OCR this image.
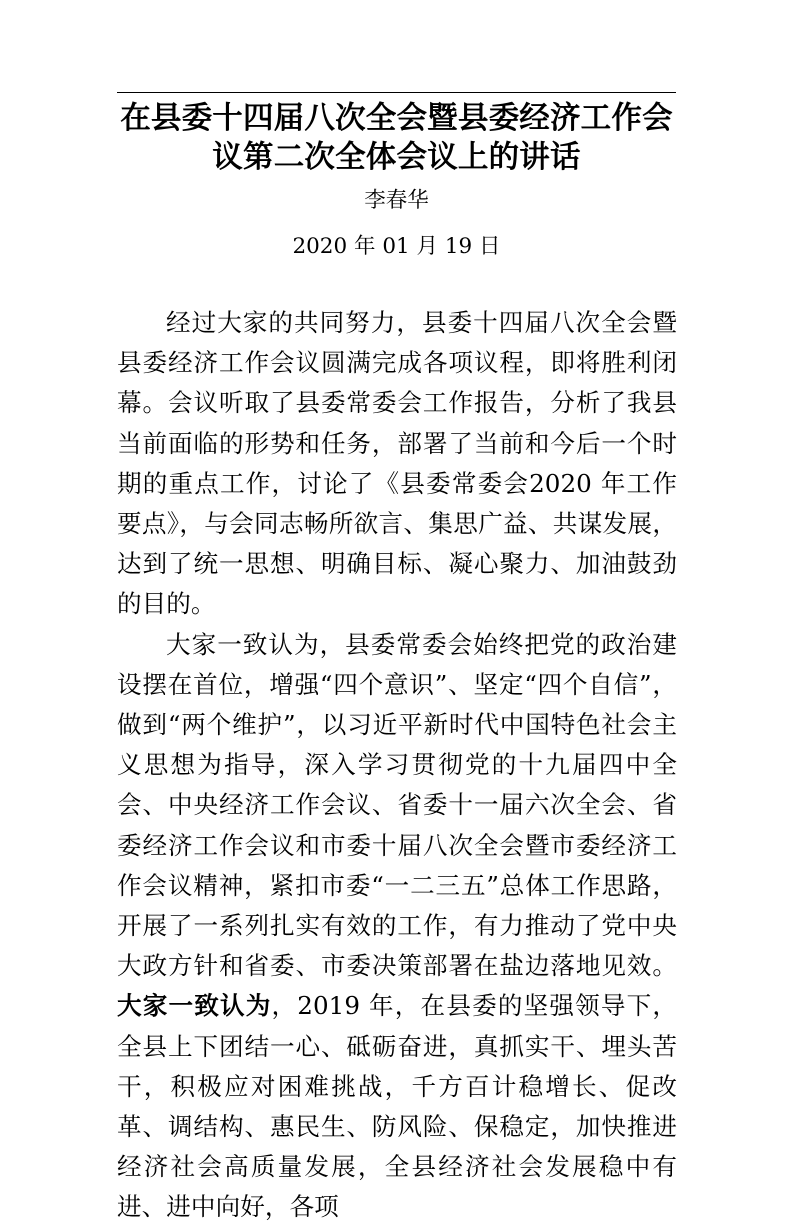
在县委十四届八次全会暨县委经济工作会
议第二次全体会议上的讲话
李春华
2020 年 01 月 19 日

经过大家的共同努力，县委十四届八次全会暨县委经济工作会议圆满完成各项议程，即将胜利闭幕。会议听取了县委常委会工作报告，分析了我县当前面临的形势和任务，部署了当前和今后一个时期的重点工作，讨论了《县委常委会2020 年工作要点》，与会同志畅所欲言、集思广益、共谋发展，达到了统一思想、明确目标、凝心聚力、加油鼓劲的目的。

大家一致认为，县委常委会始终把党的政治建设摆在首位，增强“四个意识”、坚定“四个自信”，做到“两个维护”，以习近平新时代中国特色社会主义思想为指导，深入学习贯彻党的十九届四中全会、中央经济工作会议、省委十一届六次全会、省委经济工作会议和市委十届八次全会暨市委经济工作会议精神，紧扣市委“一二三五”总体工作思路，开展了一系列扎实有效的工作，有力推动了党中央大政方针和省委、市委决策部署在盐边落地见效。大家一致认为，2019 年，在县委的坚强领导下，全县上下团结一心、砥砺奋进，真抓实干、埋头苦干，积极应对困难挑战，千方百计稳增长、促改革、调结构、惠民生、防风险、保稳定，加快推进经济社会高质量发展，全县经济社会发展稳中有进、进中向好，各项
